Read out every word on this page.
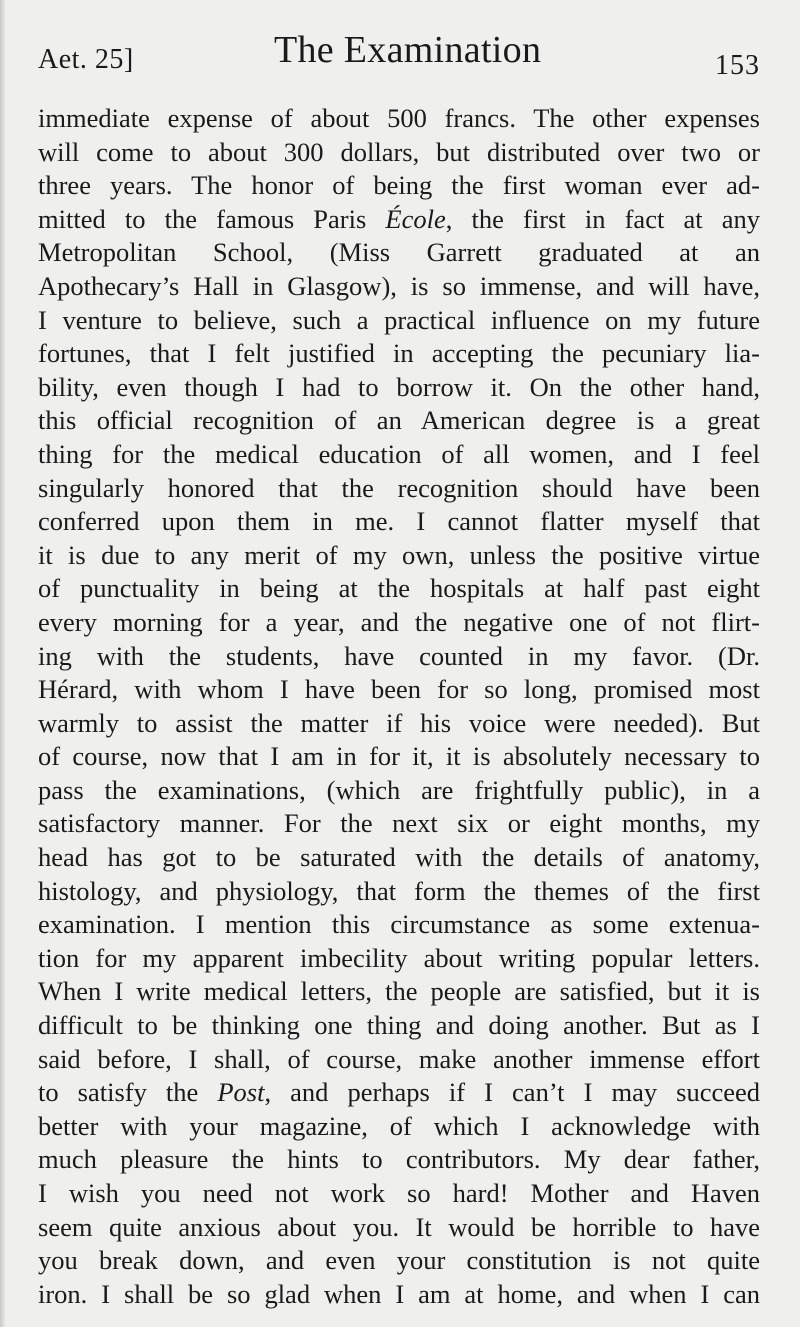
Aet. 25]	The Examination	153
immediate expense of about 500 francs. The other expenses
will come to about 300 dollars, but distributed over two or
three years. The honor of being the first woman ever ad-
mitted to the famous Paris École, the first in fact at any
Metropolitan School, (Miss Garrett graduated at an
Apothecary’s Hall in Glasgow), is so immense, and will have,
I venture to believe, such a practical influence on my future
fortunes, that I felt justified in accepting the pecuniary lia-
bility, even though I had to borrow it. On the other hand,
this official recognition of an American degree is a great
thing for the medical education of all women, and I feel
singularly honored that the recognition should have been
conferred upon them in me. I cannot flatter myself that
it is due to any merit of my own, unless the positive virtue
of punctuality in being at the hospitals at half past eight
every morning for a year, and the negative one of not flirt-
ing with the students, have counted in my favor. (Dr.
Hérard, with whom I have been for so long, promised most
warmly to assist the matter if his voice were needed). But
of course, now that I am in for it, it is absolutely necessary to
pass the examinations, (which are frightfully public), in a
satisfactory manner. For the next six or eight months, my
head has got to be saturated with the details of anatomy,
histology, and physiology, that form the themes of the first
examination. I mention this circumstance as some extenua-
tion for my apparent imbecility about writing popular letters.
When I write medical letters, the people are satisfied, but it is
difficult to be thinking one thing and doing another. But as I
said before, I shall, of course, make another immense effort
to satisfy the Post, and perhaps if I can’t I may succeed
better with your magazine, of which I acknowledge with
much pleasure the hints to contributors. My dear father,
I wish you need not work so hard! Mother and Haven
seem quite anxious about you. It would be horrible to have
you break down, and even your constitution is not quite
iron. I shall be so glad when I am at home, and when I can
